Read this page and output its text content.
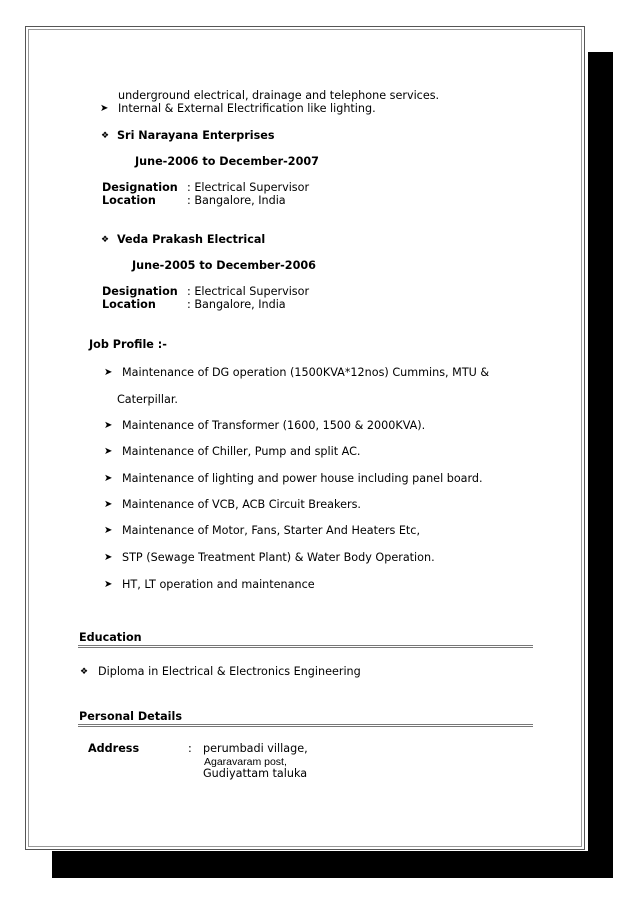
underground electrical, drainage and telephone services.
➤ Internal & External Electrification like lighting.
❖ Sri Narayana Enterprises
June-2006 to December-2007
Designation : Electrical Supervisor
Location	: Bangalore, India
❖ Veda Prakash Electrical
June-2005 to December-2006
Designation : Electrical Supervisor
Location	: Bangalore, India
Job Profile :-
➤ Maintenance of DG operation (1500KVA*12nos) Cummins, MTU &
Caterpillar.
➤ Maintenance of Transformer (1600, 1500 & 2000KVA).
➤ Maintenance of Chiller, Pump and split AC.
➤ Maintenance of lighting and power house including panel board.
➤ Maintenance of VCB, ACB Circuit Breakers.
➤ Maintenance of Motor, Fans, Starter And Heaters Etc,
➤ STP (Sewage Treatment Plant) & Water Body Operation.
➤ HT, LT operation and maintenance
Education
❖ Diploma in Electrical & Electronics Engineering
Personal Details
Address	: perumbadi village,
Agaravaram post,
Gudiyattam taluka
